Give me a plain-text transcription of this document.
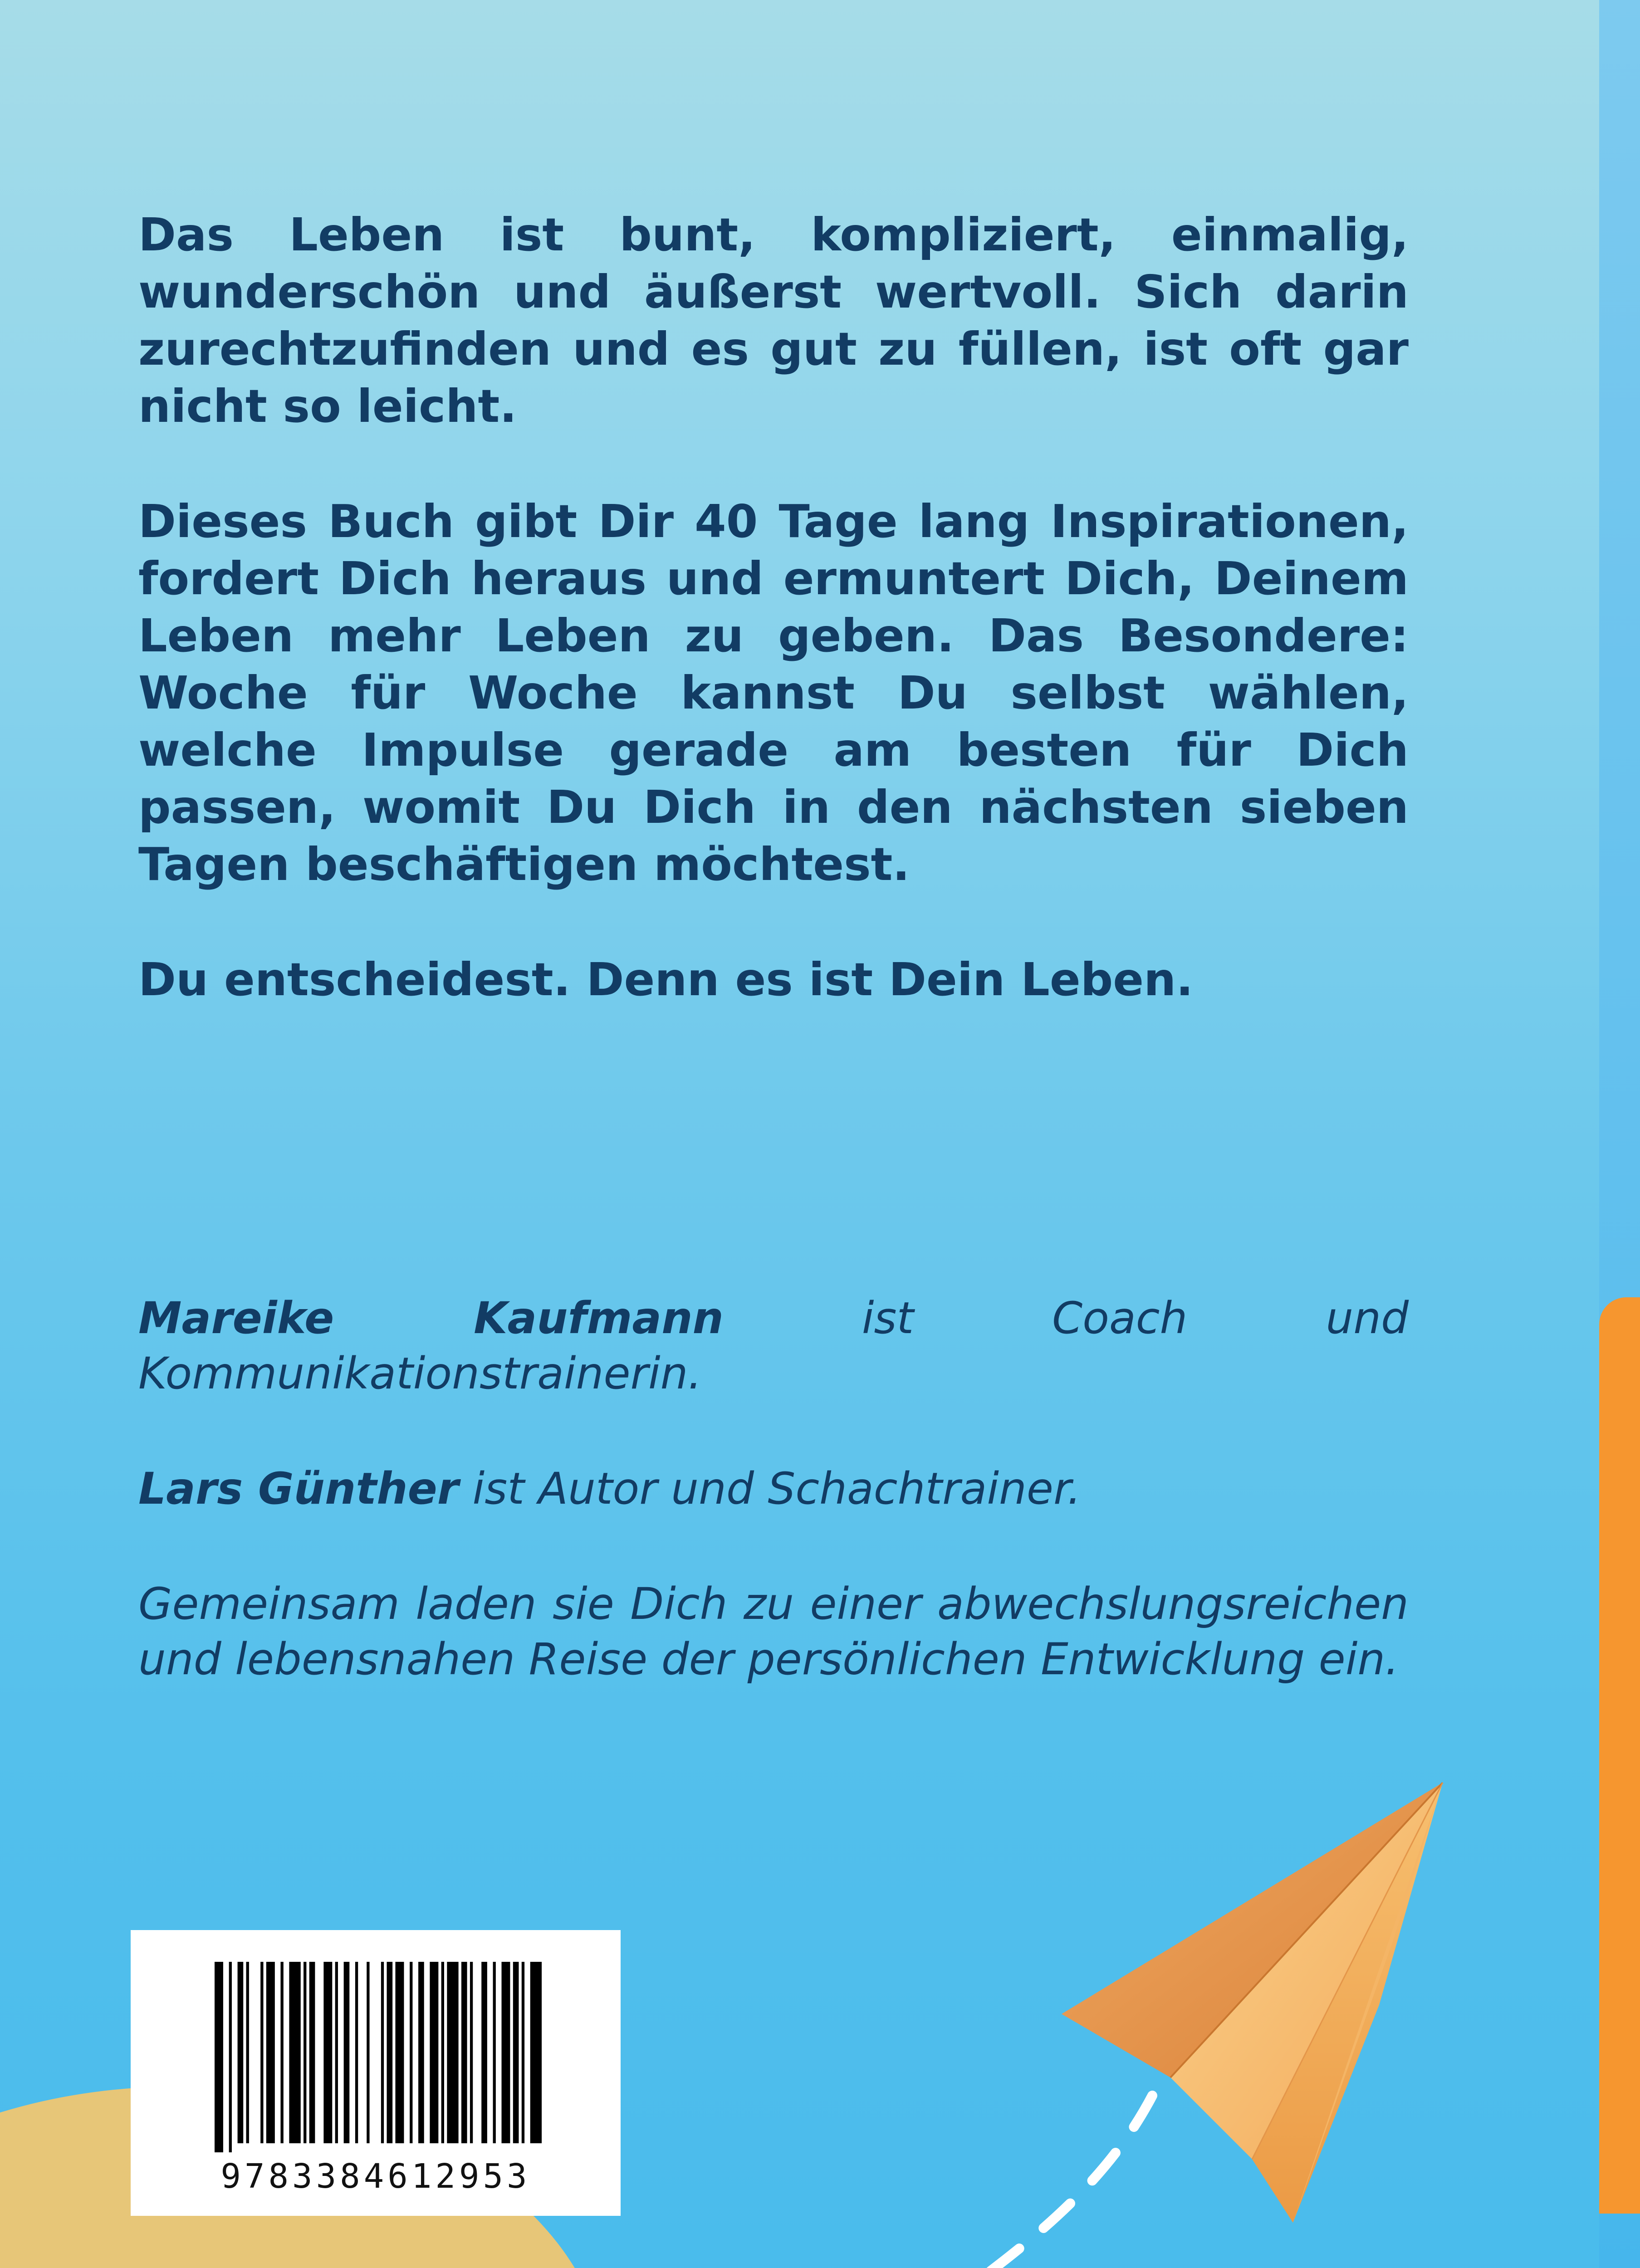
Das Leben ist bunt, kompliziert, einmalig, wunderschön und äußerst wertvoll. Sich darin zurechtzufinden und es gut zu füllen, ist oft gar nicht so leicht.

Dieses Buch gibt Dir 40 Tage lang Inspirationen, fordert Dich heraus und ermuntert Dich, Deinem Leben mehr Leben zu geben. Das Besondere: Woche für Woche kannst Du selbst wählen, welche Impulse gerade am besten für Dich passen, womit Du Dich in den nächsten sieben Tagen beschäftigen möchtest.

Du entscheidest. Denn es ist Dein Leben.

Mareike Kaufmann ist Coach und Kommunikationstrainerin.

Lars Günther ist Autor und Schachtrainer.

Gemeinsam laden sie Dich zu einer abwechslungsreichen und lebensnahen Reise der persönlichen Entwicklung ein.

9783384612953
